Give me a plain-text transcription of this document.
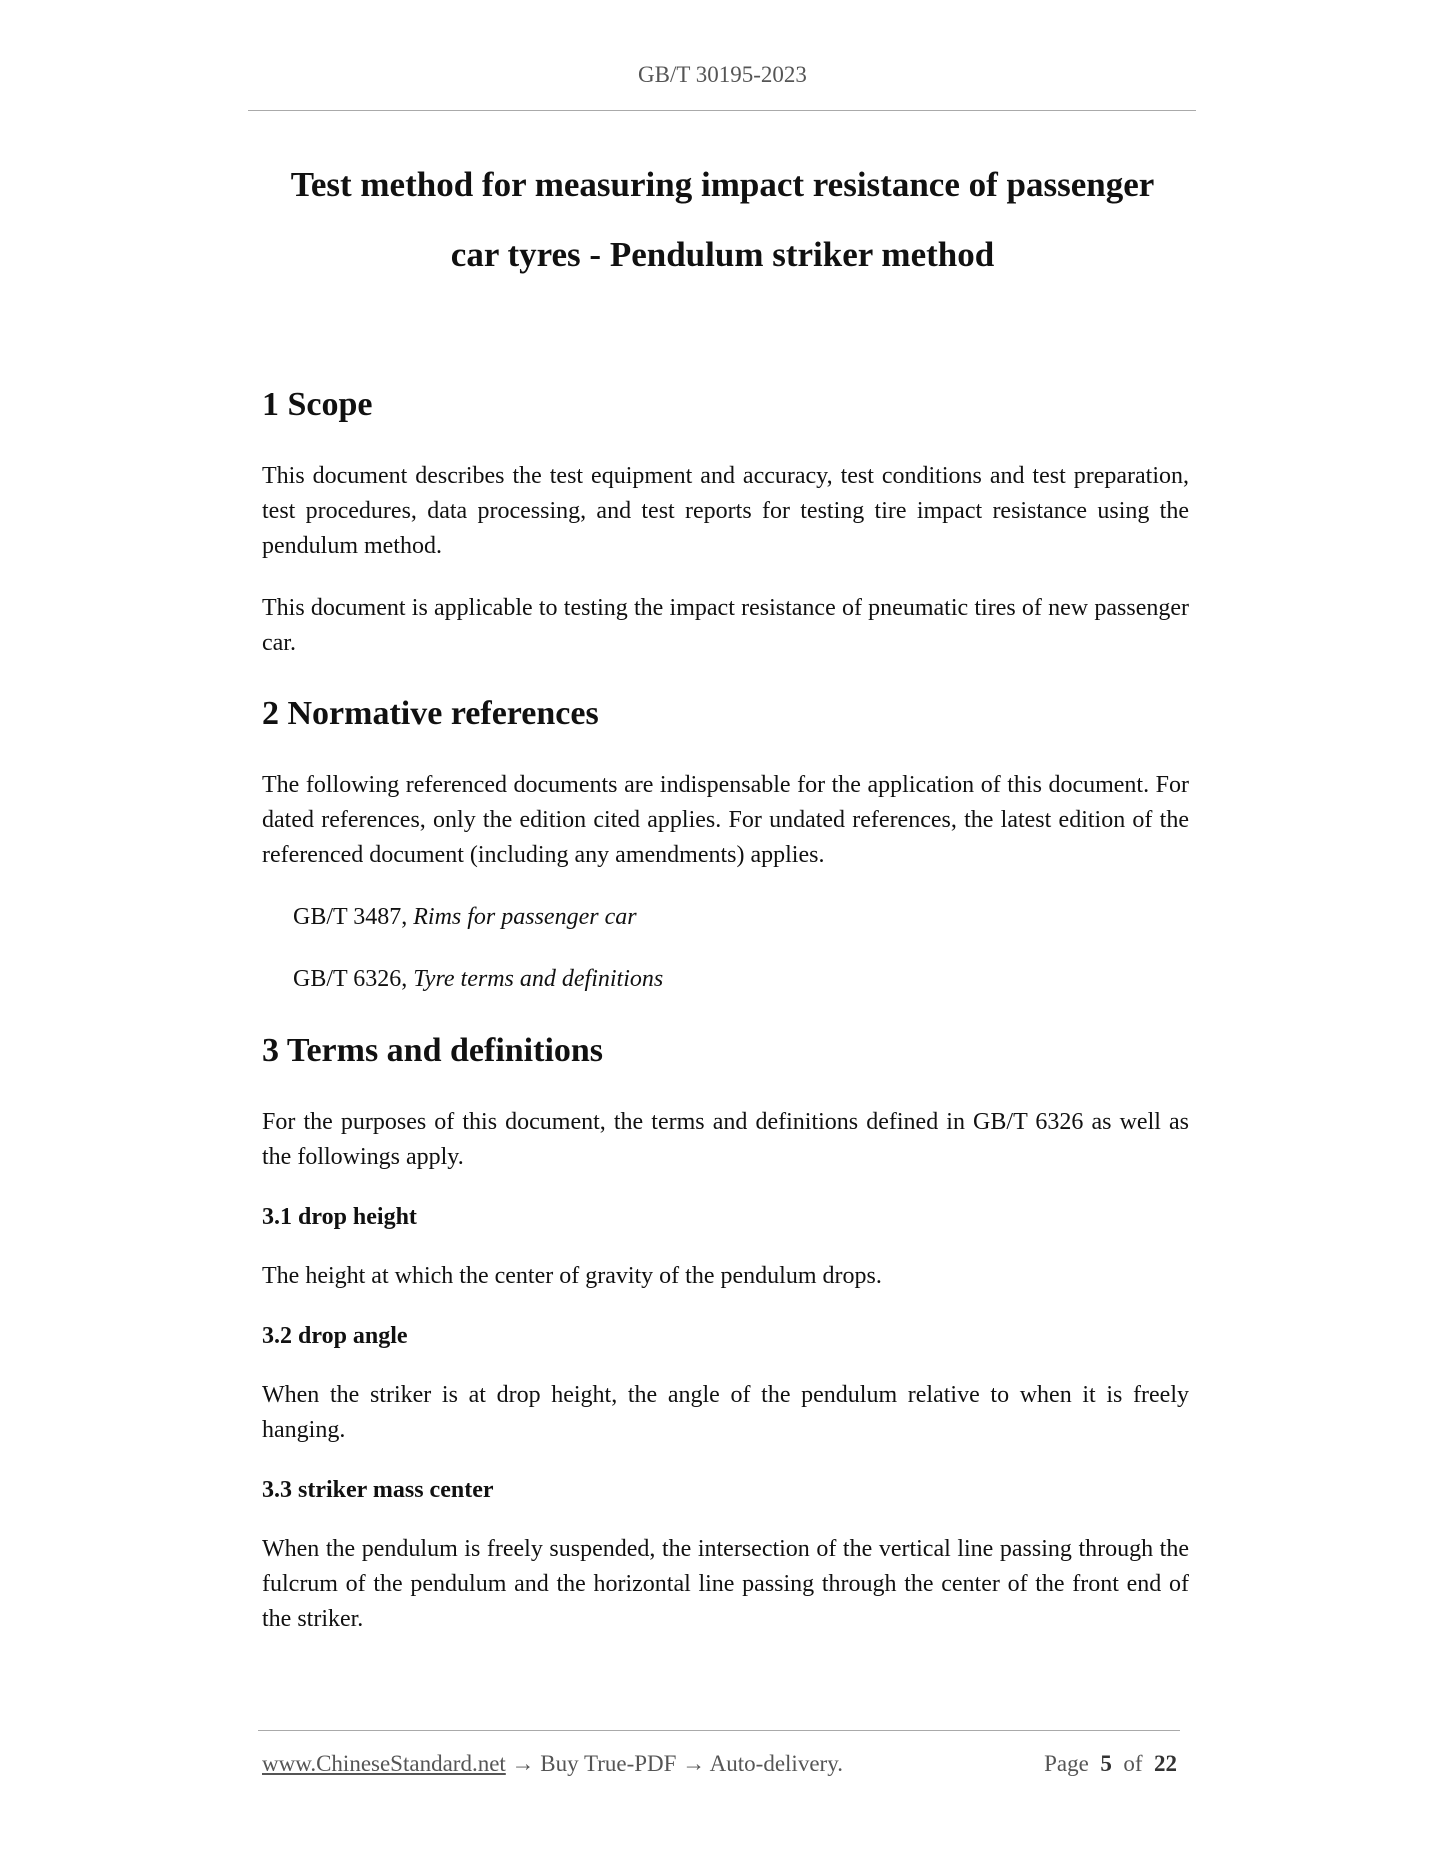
GB/T 30195-2023
Test method for measuring impact resistance of passenger
car tyres - Pendulum striker method
1 Scope

This document describes the test equipment and accuracy, test conditions and test preparation, test procedures, data processing, and test reports for testing tire impact resistance using the pendulum method.

This document is applicable to testing the impact resistance of pneumatic tires of new passenger car.

2 Normative references

The following referenced documents are indispensable for the application of this document. For dated references, only the edition cited applies. For undated references, the latest edition of the referenced document (including any amendments) applies.

GB/T 3487, Rims for passenger car

GB/T 6326, Tyre terms and definitions

3 Terms and definitions

For the purposes of this document, the terms and definitions defined in GB/T 6326 as well as the followings apply.

3.1 drop height

The height at which the center of gravity of the pendulum drops.

3.2 drop angle

When the striker is at drop height, the angle of the pendulum relative to when it is freely hanging.

3.3 striker mass center

When the pendulum is freely suspended, the intersection of the vertical line passing through the fulcrum of the pendulum and the horizontal line passing through the center of the front end of the striker.

www.ChineseStandard.net → Buy True-PDF → Auto-delivery.	Page 5 of 22
